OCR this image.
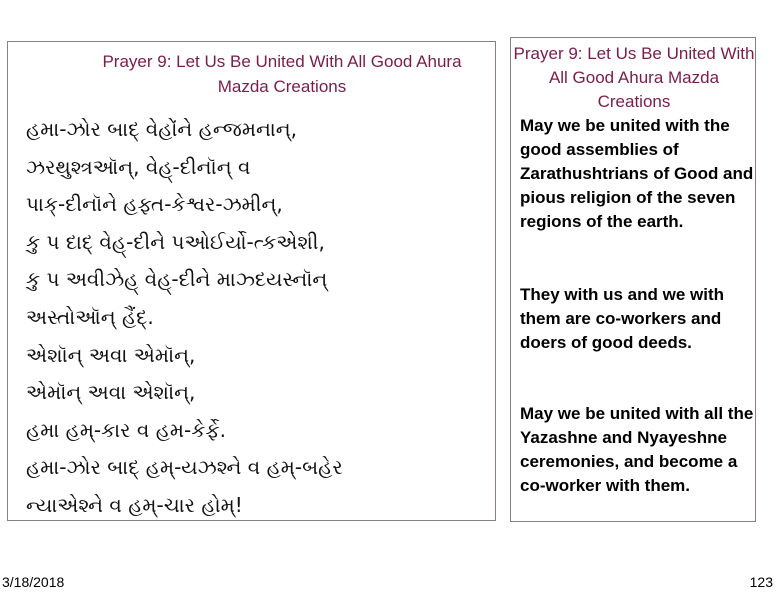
Prayer 9: Let Us Be United With All Good Ahura Mazda Creations
હમા-ઝોર બાદ્‌ વેહોંને હન્જમનાન્‌,
ઝરથુશ્ત્રઑન્‌, વેહ્‌-દીનૉન્‌ વ
પાક્‌-દીનૉને હફ્ત-કેશ્વર-ઝમીન્‌,
કુ પ દાદ્‌ વેહ્‌-દીને પઓઈર્યો-ત્કએશી,
કુ પ અવીઝેહ્‌ વેહ્‌-દીને માઝ્દયસ્નૉન્‌
અસ્તોઑન્‌ હૈંદ્‌.
એશૉન્‌ અવા એમૉન્‌,
એમૉન્‌ અવા એશૉન્‌,
હમા હમ્‌-કાર વ હમ-કેર્ફે.
હમા-ઝોર બાદ્‌ હમ્‌-યઝશ્ને વ હમ્‌-બહેર
ન્યાએશ્ને વ હમ્‌-ચાર હોમ્‌!
Prayer 9: Let Us Be United With All Good Ahura Mazda Creations

May we be united with the good assemblies of Zarathushtrians of Good and pious religion of the seven regions of the earth.

They with us and we with them are co-workers and doers of good deeds.

May we be united with all the Yazashne and Nyayeshne ceremonies, and become a co-worker with them.

3/18/2018	123
